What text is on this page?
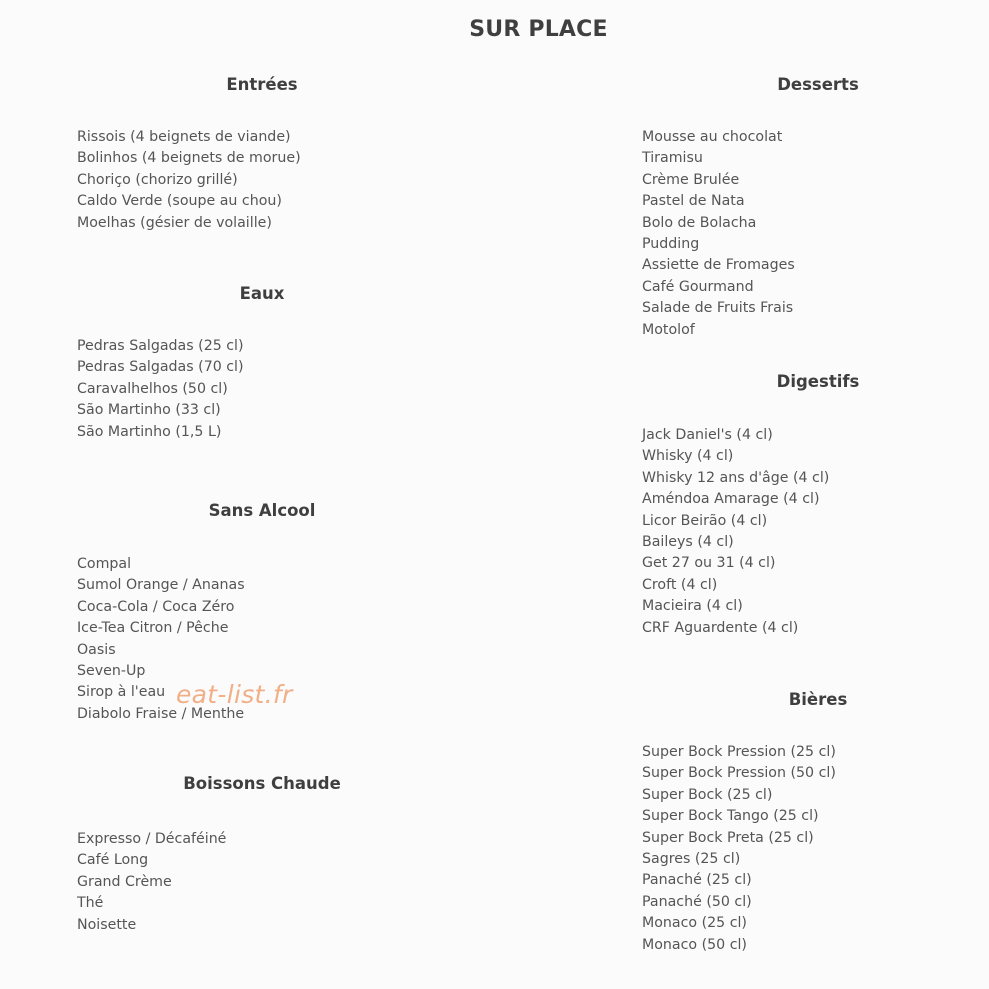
SUR PLACE
Entrées
Rissois (4 beignets de viande)
Bolinhos (4 beignets de morue)
Choriço (chorizo grillé)
Caldo Verde (soupe au chou)
Moelhas (gésier de volaille)
Eaux
Pedras Salgadas (25 cl)
Pedras Salgadas (70 cl)
Caravalhelhos (50 cl)
São Martinho (33 cl)
São Martinho (1,5 L)
Sans Alcool
Compal
Sumol Orange / Ananas
Coca-Cola / Coca Zéro
Ice-Tea Citron / Pêche
Oasis
Seven-Up
Sirop à l'eau
Diabolo Fraise / Menthe
Boissons Chaude
Expresso / Décaféiné
Café Long
Grand Crème
Thé
Noisette
Desserts
Mousse au chocolat
Tiramisu
Crème Brulée
Pastel de Nata
Bolo de Bolacha
Pudding
Assiette de Fromages
Café Gourmand
Salade de Fruits Frais
Motolof
Digestifs
Jack Daniel's (4 cl)
Whisky (4 cl)
Whisky 12 ans d'âge (4 cl)
Améndoa Amarage (4 cl)
Licor Beirão (4 cl)
Baileys (4 cl)
Get 27 ou 31 (4 cl)
Croft (4 cl)
Macieira (4 cl)
CRF Aguardente (4 cl)
Bières
Super Bock Pression (25 cl)
Super Bock Pression (50 cl)
Super Bock (25 cl)
Super Bock Tango (25 cl)
Super Bock Preta (25 cl)
Sagres (25 cl)
Panaché (25 cl)
Panaché (50 cl)
Monaco (25 cl)
Monaco (50 cl)
eat-list.fr
